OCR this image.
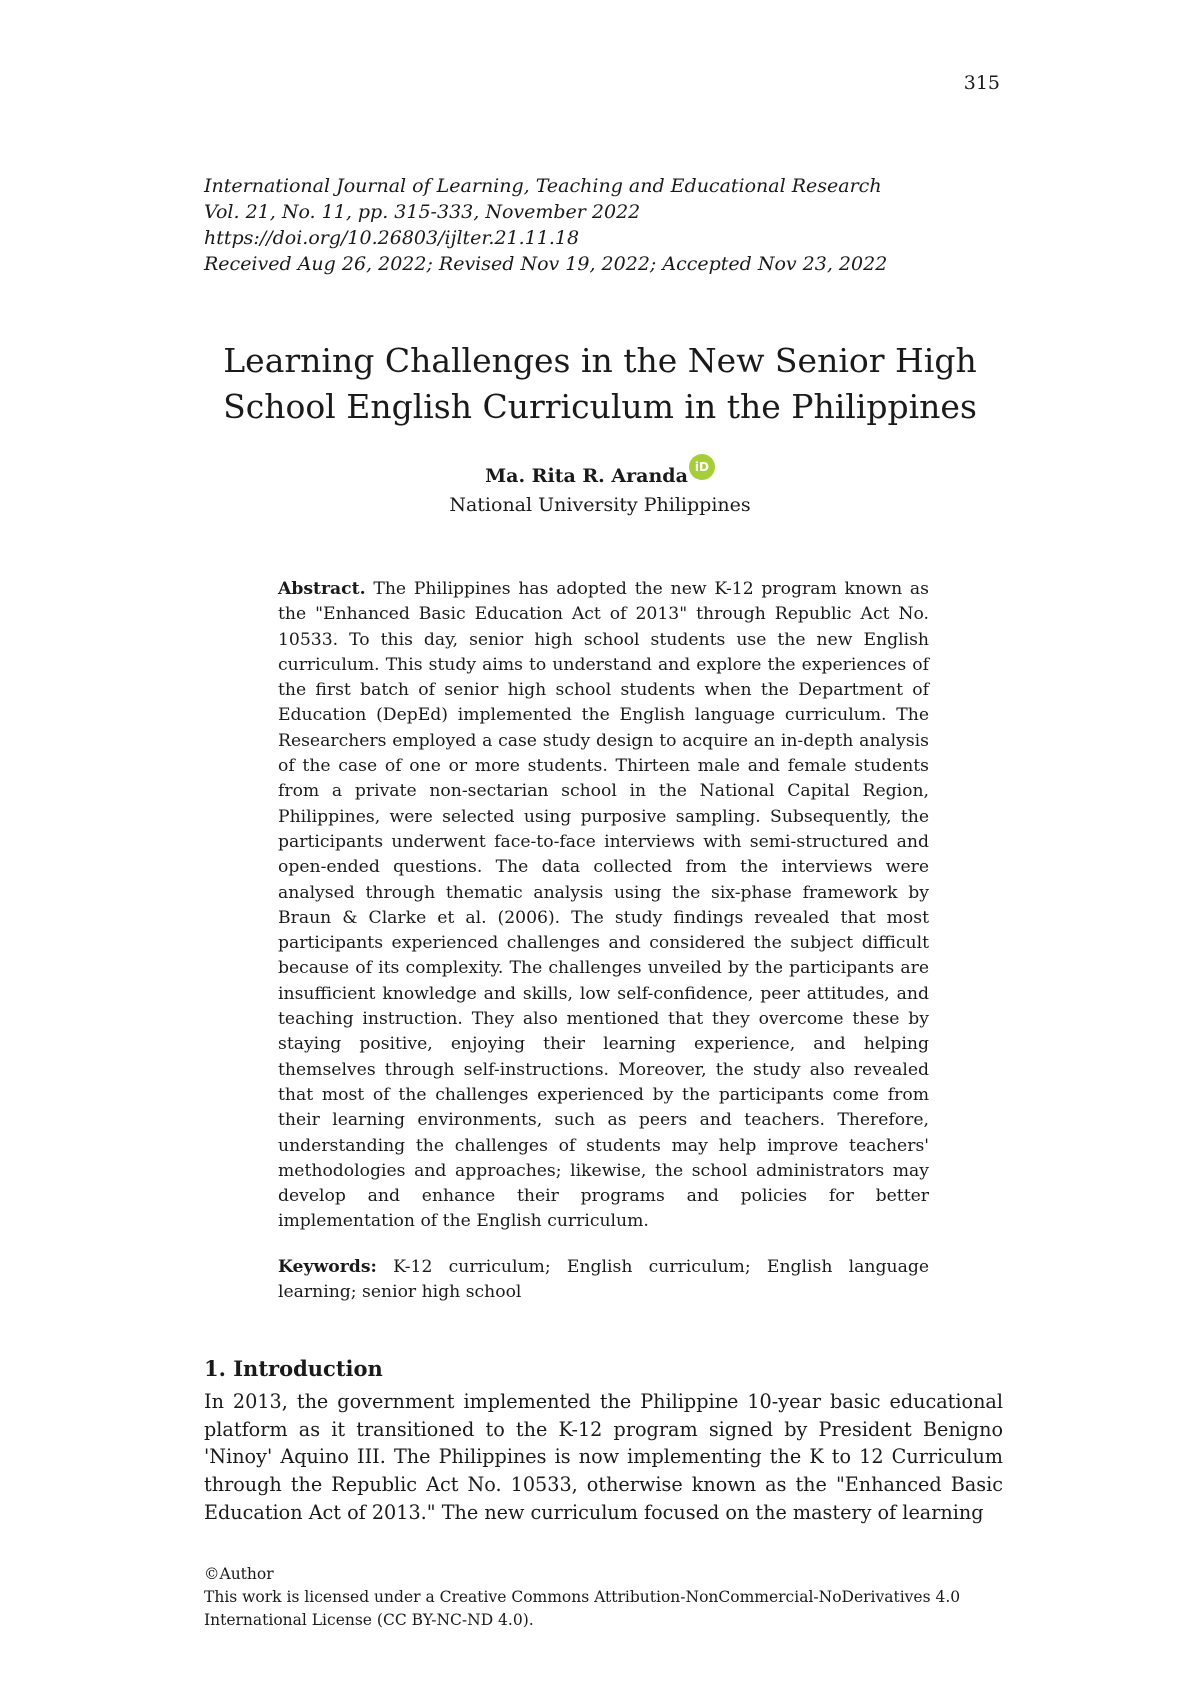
315
International Journal of Learning, Teaching and Educational Research
Vol. 21, No. 11, pp. 315-333, November 2022
https://doi.org/10.26803/ijlter.21.11.18
Received Aug 26, 2022; Revised Nov 19, 2022; Accepted Nov 23, 2022
Learning Challenges in the New Senior High
School English Curriculum in the Philippines
Ma. Rita R. Aranda iD
National University Philippines
Abstract. The Philippines has adopted the new K-12 program known as the "Enhanced Basic Education Act of 2013" through Republic Act No. 10533. To this day, senior high school students use the new English curriculum. This study aims to understand and explore the experiences of the first batch of senior high school students when the Department of Education (DepEd) implemented the English language curriculum. The Researchers employed a case study design to acquire an in-depth analysis of the case of one or more students. Thirteen male and female students from a private non-sectarian school in the National Capital Region, Philippines, were selected using purposive sampling. Subsequently, the participants underwent face-to-face interviews with semi-structured and open-ended questions. The data collected from the interviews were analysed through thematic analysis using the six-phase framework by Braun & Clarke et al. (2006). The study findings revealed that most participants experienced challenges and considered the subject difficult because of its complexity. The challenges unveiled by the participants are insufficient knowledge and skills, low self-confidence, peer attitudes, and teaching instruction. They also mentioned that they overcome these by staying positive, enjoying their learning experience, and helping themselves through self-instructions. Moreover, the study also revealed that most of the challenges experienced by the participants come from their learning environments, such as peers and teachers. Therefore, understanding the challenges of students may help improve teachers' methodologies and approaches; likewise, the school administrators may develop and enhance their programs and policies for better implementation of the English curriculum.
Keywords: K-12 curriculum; English curriculum; English language learning; senior high school
1. Introduction
In 2013, the government implemented the Philippine 10-year basic educational platform as it transitioned to the K-12 program signed by President Benigno 'Ninoy' Aquino III. The Philippines is now implementing the K to 12 Curriculum through the Republic Act No. 10533, otherwise known as the "Enhanced Basic Education Act of 2013." The new curriculum focused on the mastery of learning
©Author
This work is licensed under a Creative Commons Attribution-NonCommercial-NoDerivatives 4.0
International License (CC BY-NC-ND 4.0).
